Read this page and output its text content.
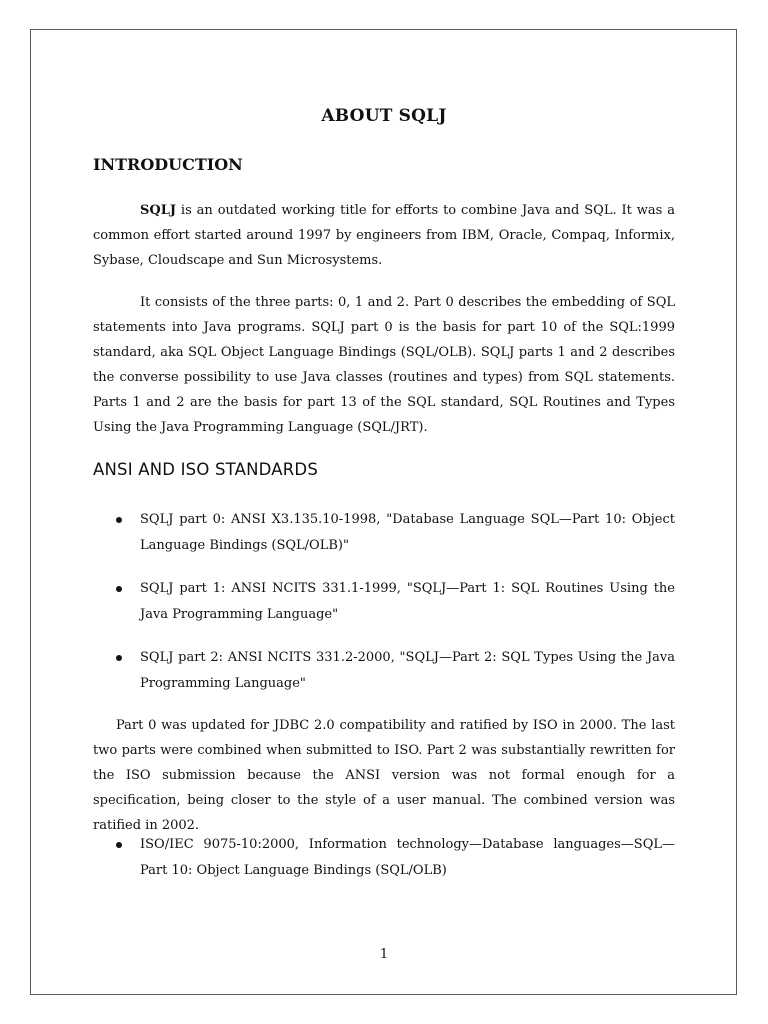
ABOUT SQLJ
INTRODUCTION

SQLJ is an outdated working title for efforts to combine Java and SQL. It was a common effort started around 1997 by engineers from IBM, Oracle, Compaq, Informix, Sybase, Cloudscape and Sun Microsystems.

It consists of the three parts: 0, 1 and 2. Part 0 describes the embedding of SQL statements into Java programs. SQLJ part 0 is the basis for part 10 of the SQL:1999 standard, aka SQL Object Language Bindings (SQL/OLB). SQLJ parts 1 and 2 describes the converse possibility to use Java classes (routines and types) from SQL statements. Parts 1 and 2 are the basis for part 13 of the SQL standard, SQL Routines and Types Using the Java Programming Language (SQL/JRT).

ANSI AND ISO STANDARDS

SQLJ part 0: ANSI X3.135.10-1998, "Database Language SQL—Part 10: Object Language Bindings (SQL/OLB)"

SQLJ part 1: ANSI NCITS 331.1-1999, "SQLJ—Part 1: SQL Routines Using the Java Programming Language"

SQLJ part 2: ANSI NCITS 331.2-2000, "SQLJ—Part 2: SQL Types Using the Java Programming Language"

Part 0 was updated for JDBC 2.0 compatibility and ratified by ISO in 2000. The last two parts were combined when submitted to ISO. Part 2 was substantially rewritten for the ISO submission because the ANSI version was not formal enough for a specification, being closer to the style of a user manual. The combined version was ratified in 2002.

ISO/IEC 9075-10:2000, Information technology—Database languages—SQL—Part 10: Object Language Bindings (SQL/OLB)

1
